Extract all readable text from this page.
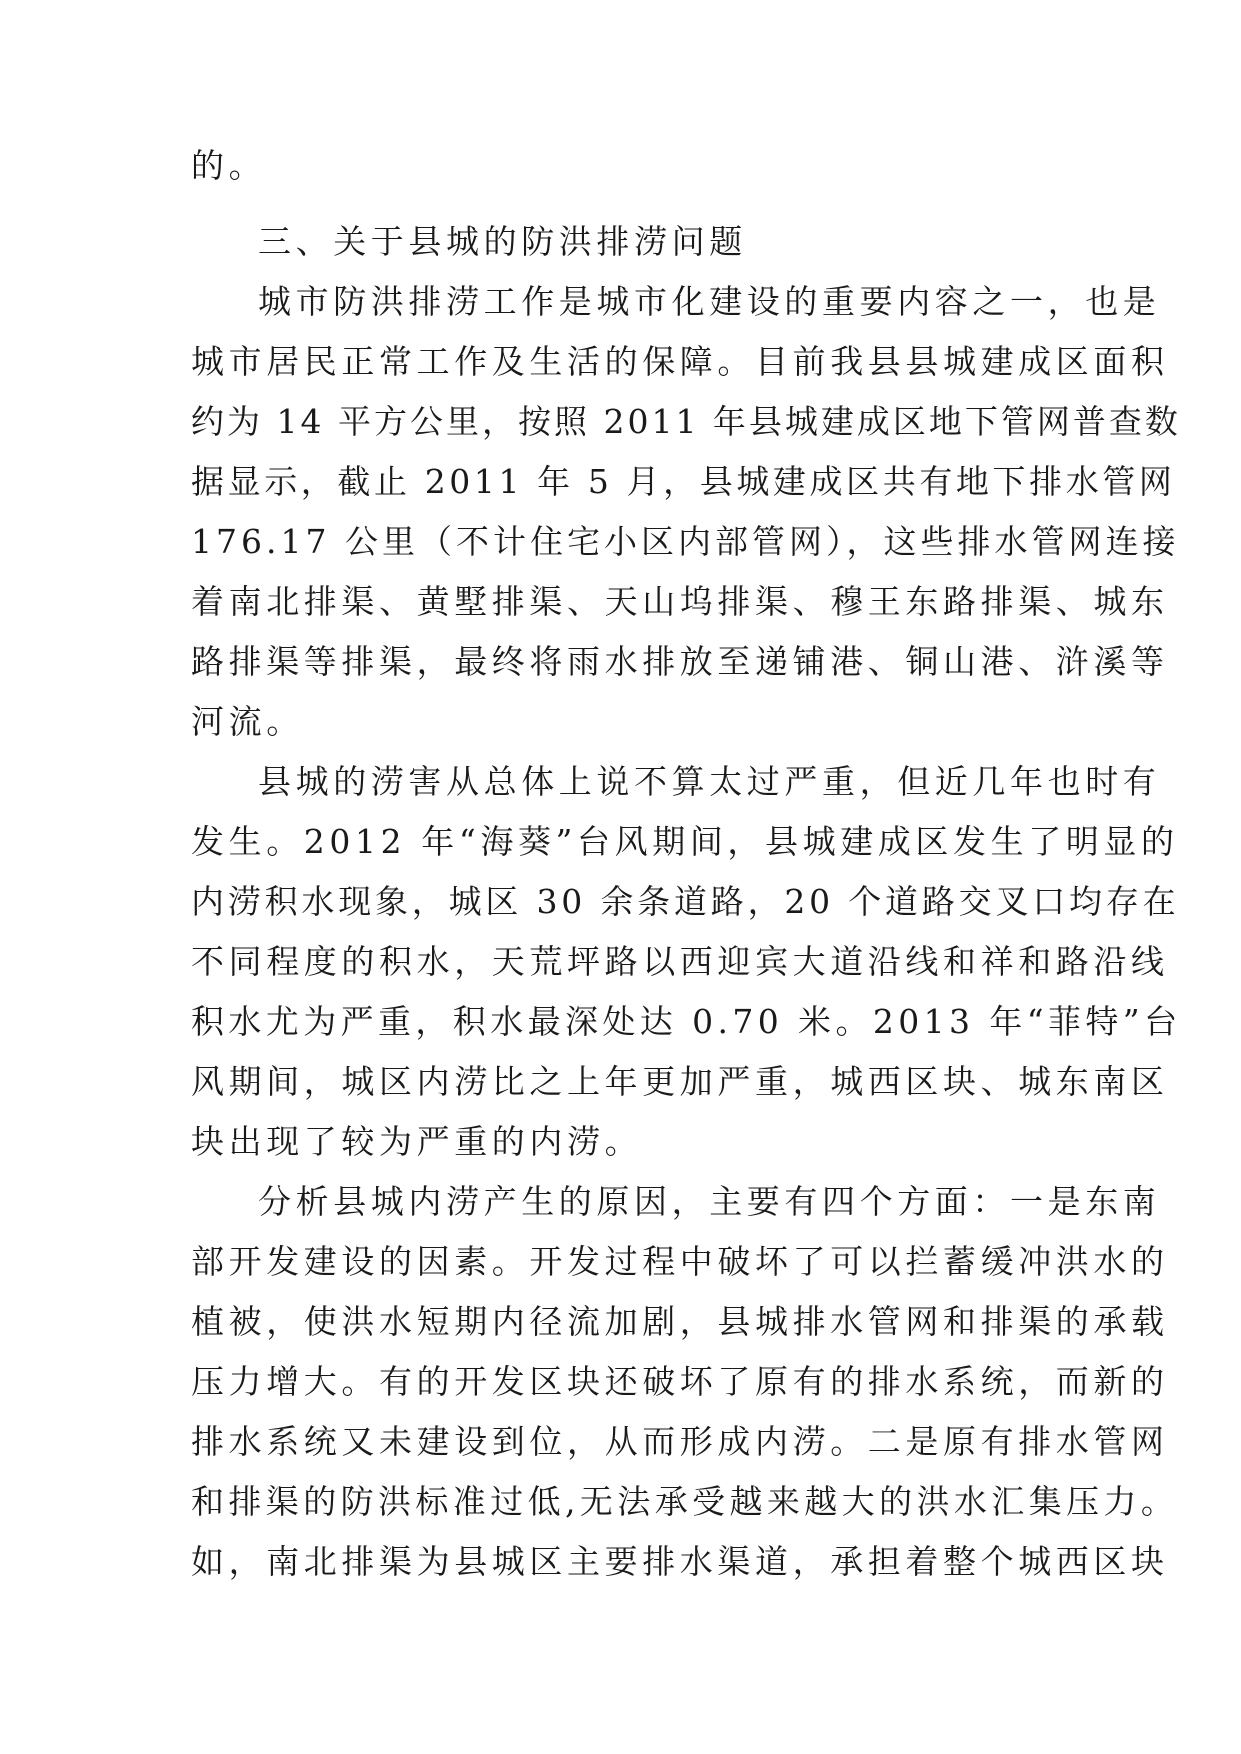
的。
三、关于县城的防洪排涝问题
城市防洪排涝工作是城市化建设的重要内容之一，也是
城市居民正常工作及生活的保障。目前我县县城建成区面积
约为 14 平方公里，按照 2011 年县城建成区地下管网普查数
据显示，截止 2011 年 5 月，县城建成区共有地下排水管网
176.17 公里（不计住宅小区内部管网），这些排水管网连接
着南北排渠、黄墅排渠、天山坞排渠、穆王东路排渠、城东
路排渠等排渠，最终将雨水排放至递铺港、铜山港、浒溪等
河流。
县城的涝害从总体上说不算太过严重，但近几年也时有
发生。2012 年“海葵”台风期间，县城建成区发生了明显的
内涝积水现象，城区 30 余条道路，20 个道路交叉口均存在
不同程度的积水，天荒坪路以西迎宾大道沿线和祥和路沿线
积水尤为严重，积水最深处达 0.70 米。2013 年“菲特”台
风期间，城区内涝比之上年更加严重，城西区块、城东南区
块出现了较为严重的内涝。
分析县城内涝产生的原因，主要有四个方面：一是东南
部开发建设的因素。开发过程中破坏了可以拦蓄缓冲洪水的
植被，使洪水短期内径流加剧，县城排水管网和排渠的承载
压力增大。有的开发区块还破坏了原有的排水系统，而新的
排水系统又未建设到位，从而形成内涝。二是原有排水管网
和排渠的防洪标准过低,无法承受越来越大的洪水汇集压力。
如，南北排渠为县城区主要排水渠道，承担着整个城西区块
